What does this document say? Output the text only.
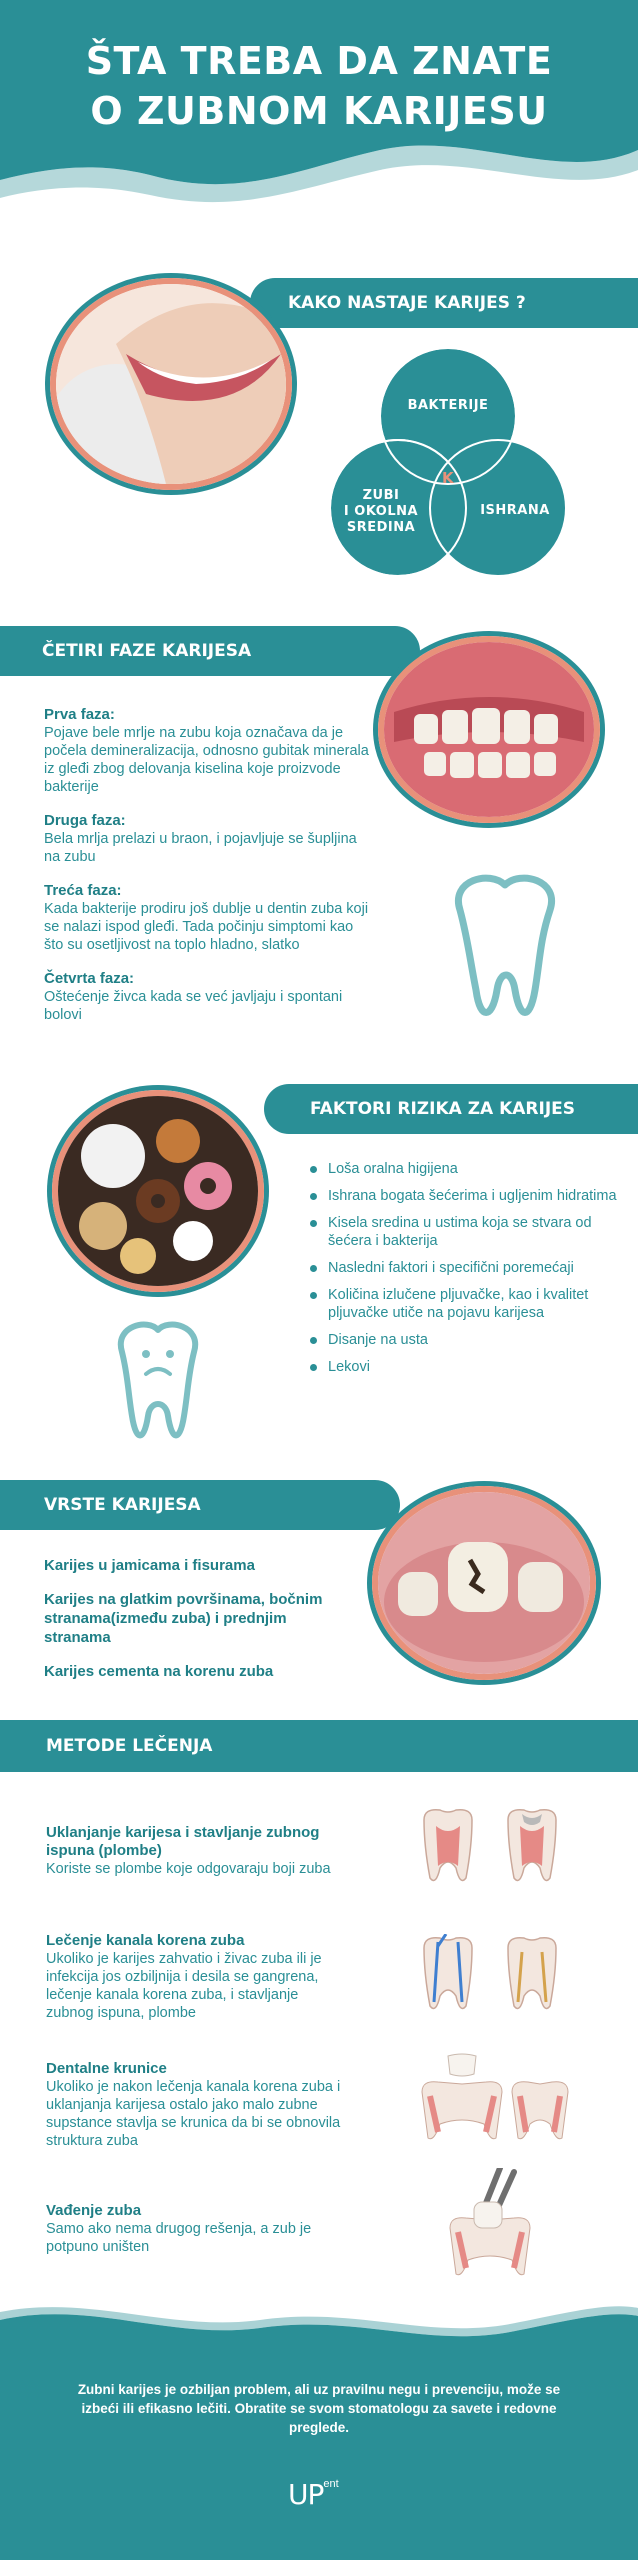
ŠTA TREBA DA ZNATE
O ZUBNOM KARIJESU
KAKO NASTAJE KARIJES ?
BAKTERIJE
ZUBI
I OKOLNA
SREDINA
ISHRANA
K
ČETIRI FAZE KARIJESA
Prva faza:
Pojave bele mrlje na zubu koja označava da je počela demineralizacija, odnosno gubitak minerala iz gleđi zbog delovanja kiselina koje proizvode bakterije
Druga faza:
Bela mrlja prelazi u braon, i pojavljuje se šupljina na zubu
Treća faza:
Kada bakterije prodiru još dublje u dentin zuba koji se nalazi ispod gleđi. Tada počinju simptomi kao što su osetljivost na toplo hladno, slatko
Četvrta faza:
Oštećenje živca kada se već javljaju i spontani bolovi
FAKTORI RIZIKA ZA KARIJES
Loša oralna higijena
Ishrana bogata šećerima i ugljenim hidratima
Kisela sredina u ustima koja se stvara od šećera i bakterija
Nasledni faktori i specifični poremećaji
Količina izlučene pljuvačke, kao i kvalitet pljuvačke utiče na pojavu karijesa
Disanje na usta
Lekovi
VRSTE KARIJESA
Karijes u jamicama i fisurama
Karijes na glatkim površinama, bočnim stranama(između zuba) i prednjim stranama
Karijes cementa na korenu zuba
METODE LEČENJA
Uklanjanje karijesa i stavljanje zubnog ispuna (plombe)
Koriste se plombe koje odgovaraju boji zuba
Lečenje kanala korena zuba
Ukoliko je karijes zahvatio i živac zuba ili je infekcija jos ozbiljnija i desila se gangrena, lečenje kanala korena zuba, i stavljanje zubnog ispuna, plombe
Dentalne krunice
Ukoliko je nakon lečenja kanala korena zuba i uklanjanja karijesa ostalo jako malo zubne supstance stavlja se krunica da bi se obnovila struktura zuba
Vađenje zuba
Samo ako nema drugog rešenja, a zub je potpuno uništen
Zubni karijes je ozbiljan problem, ali uz pravilnu negu i prevenciju, može se izbeći ili efikasno lečiti. Obratite se svom stomatologu za savete i redovne preglede.
$UP^{ent}$
